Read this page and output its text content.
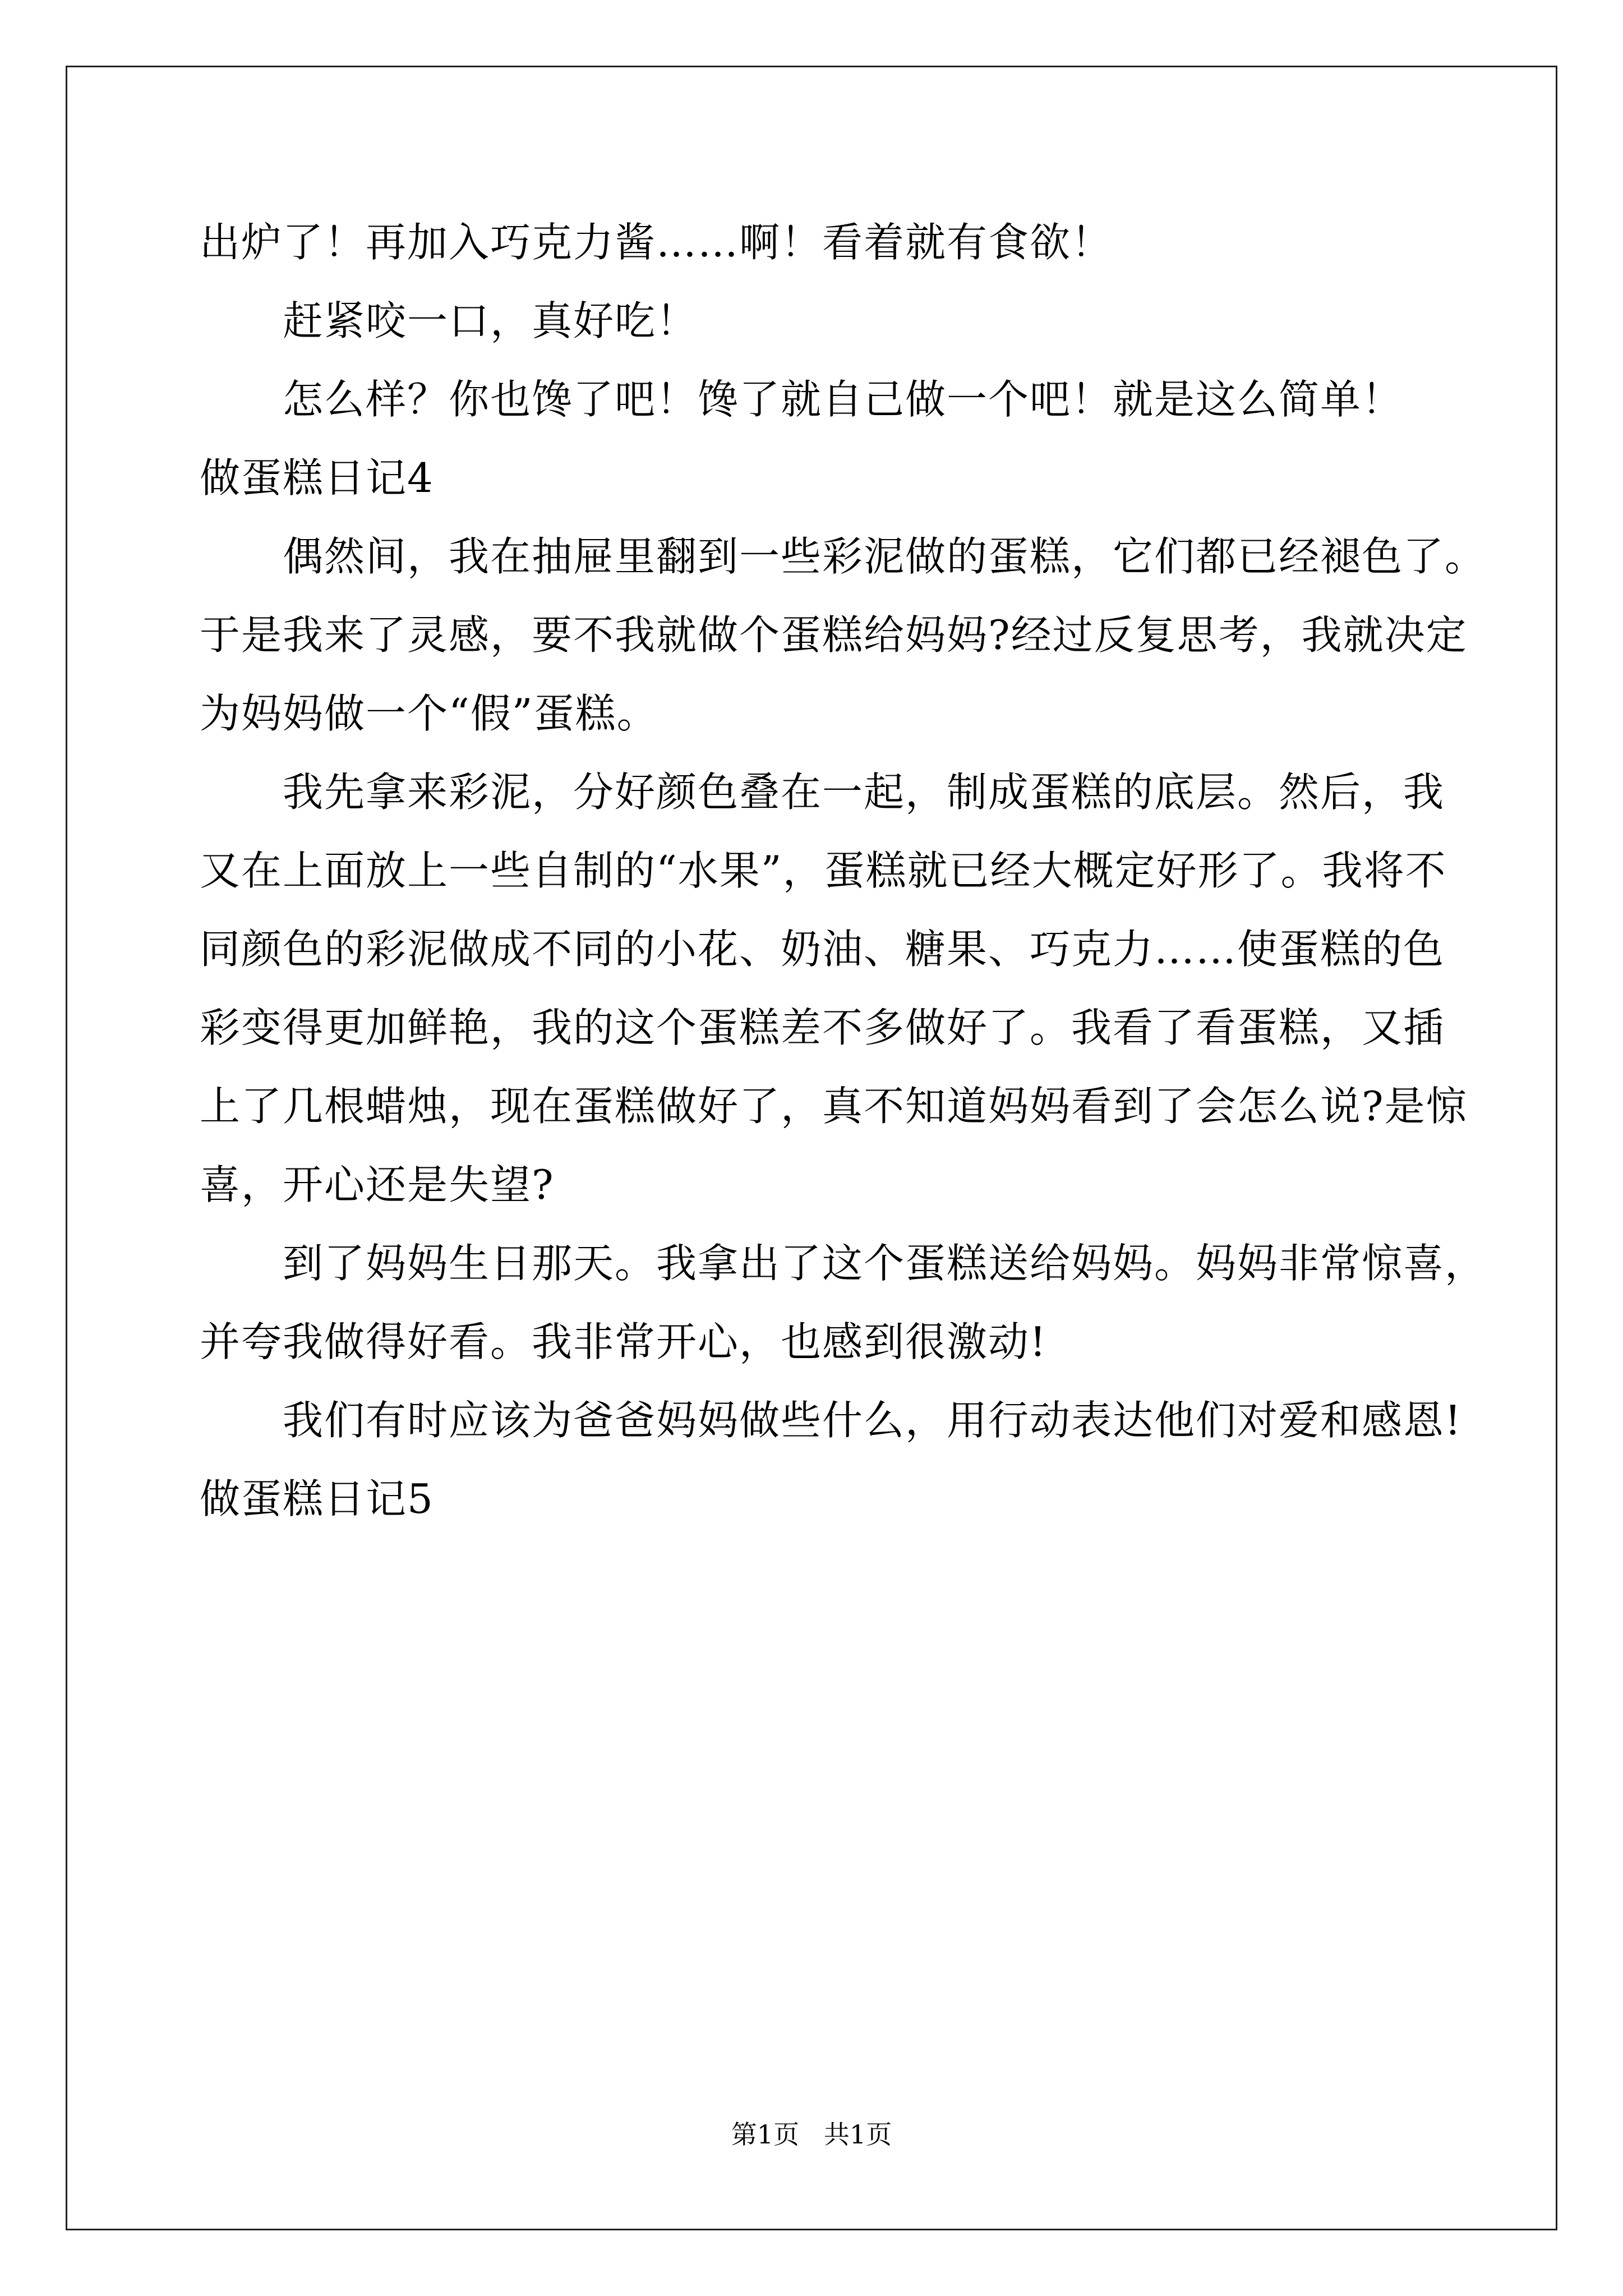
出炉了！再加入巧克力酱……啊！看着就有食欲！
赶紧咬一口，真好吃！
怎么样？你也馋了吧！馋了就自己做一个吧！就是这么简单！
做蛋糕日记4
偶然间，我在抽屉里翻到一些彩泥做的蛋糕，它们都已经褪色了。
于是我来了灵感，要不我就做个蛋糕给妈妈?经过反复思考，我就决定
为妈妈做一个“假”蛋糕。
我先拿来彩泥，分好颜色叠在一起，制成蛋糕的底层。然后，我
又在上面放上一些自制的“水果”，蛋糕就已经大概定好形了。我将不
同颜色的彩泥做成不同的小花、奶油、糖果、巧克力……使蛋糕的色
彩变得更加鲜艳，我的这个蛋糕差不多做好了。我看了看蛋糕，又插
上了几根蜡烛，现在蛋糕做好了，真不知道妈妈看到了会怎么说?是惊
喜，开心还是失望?
到了妈妈生日那天。我拿出了这个蛋糕送给妈妈。妈妈非常惊喜，
并夸我做得好看。我非常开心，也感到很激动!
我们有时应该为爸爸妈妈做些什么，用行动表达他们对爱和感恩!
做蛋糕日记5
第1页   共1页
